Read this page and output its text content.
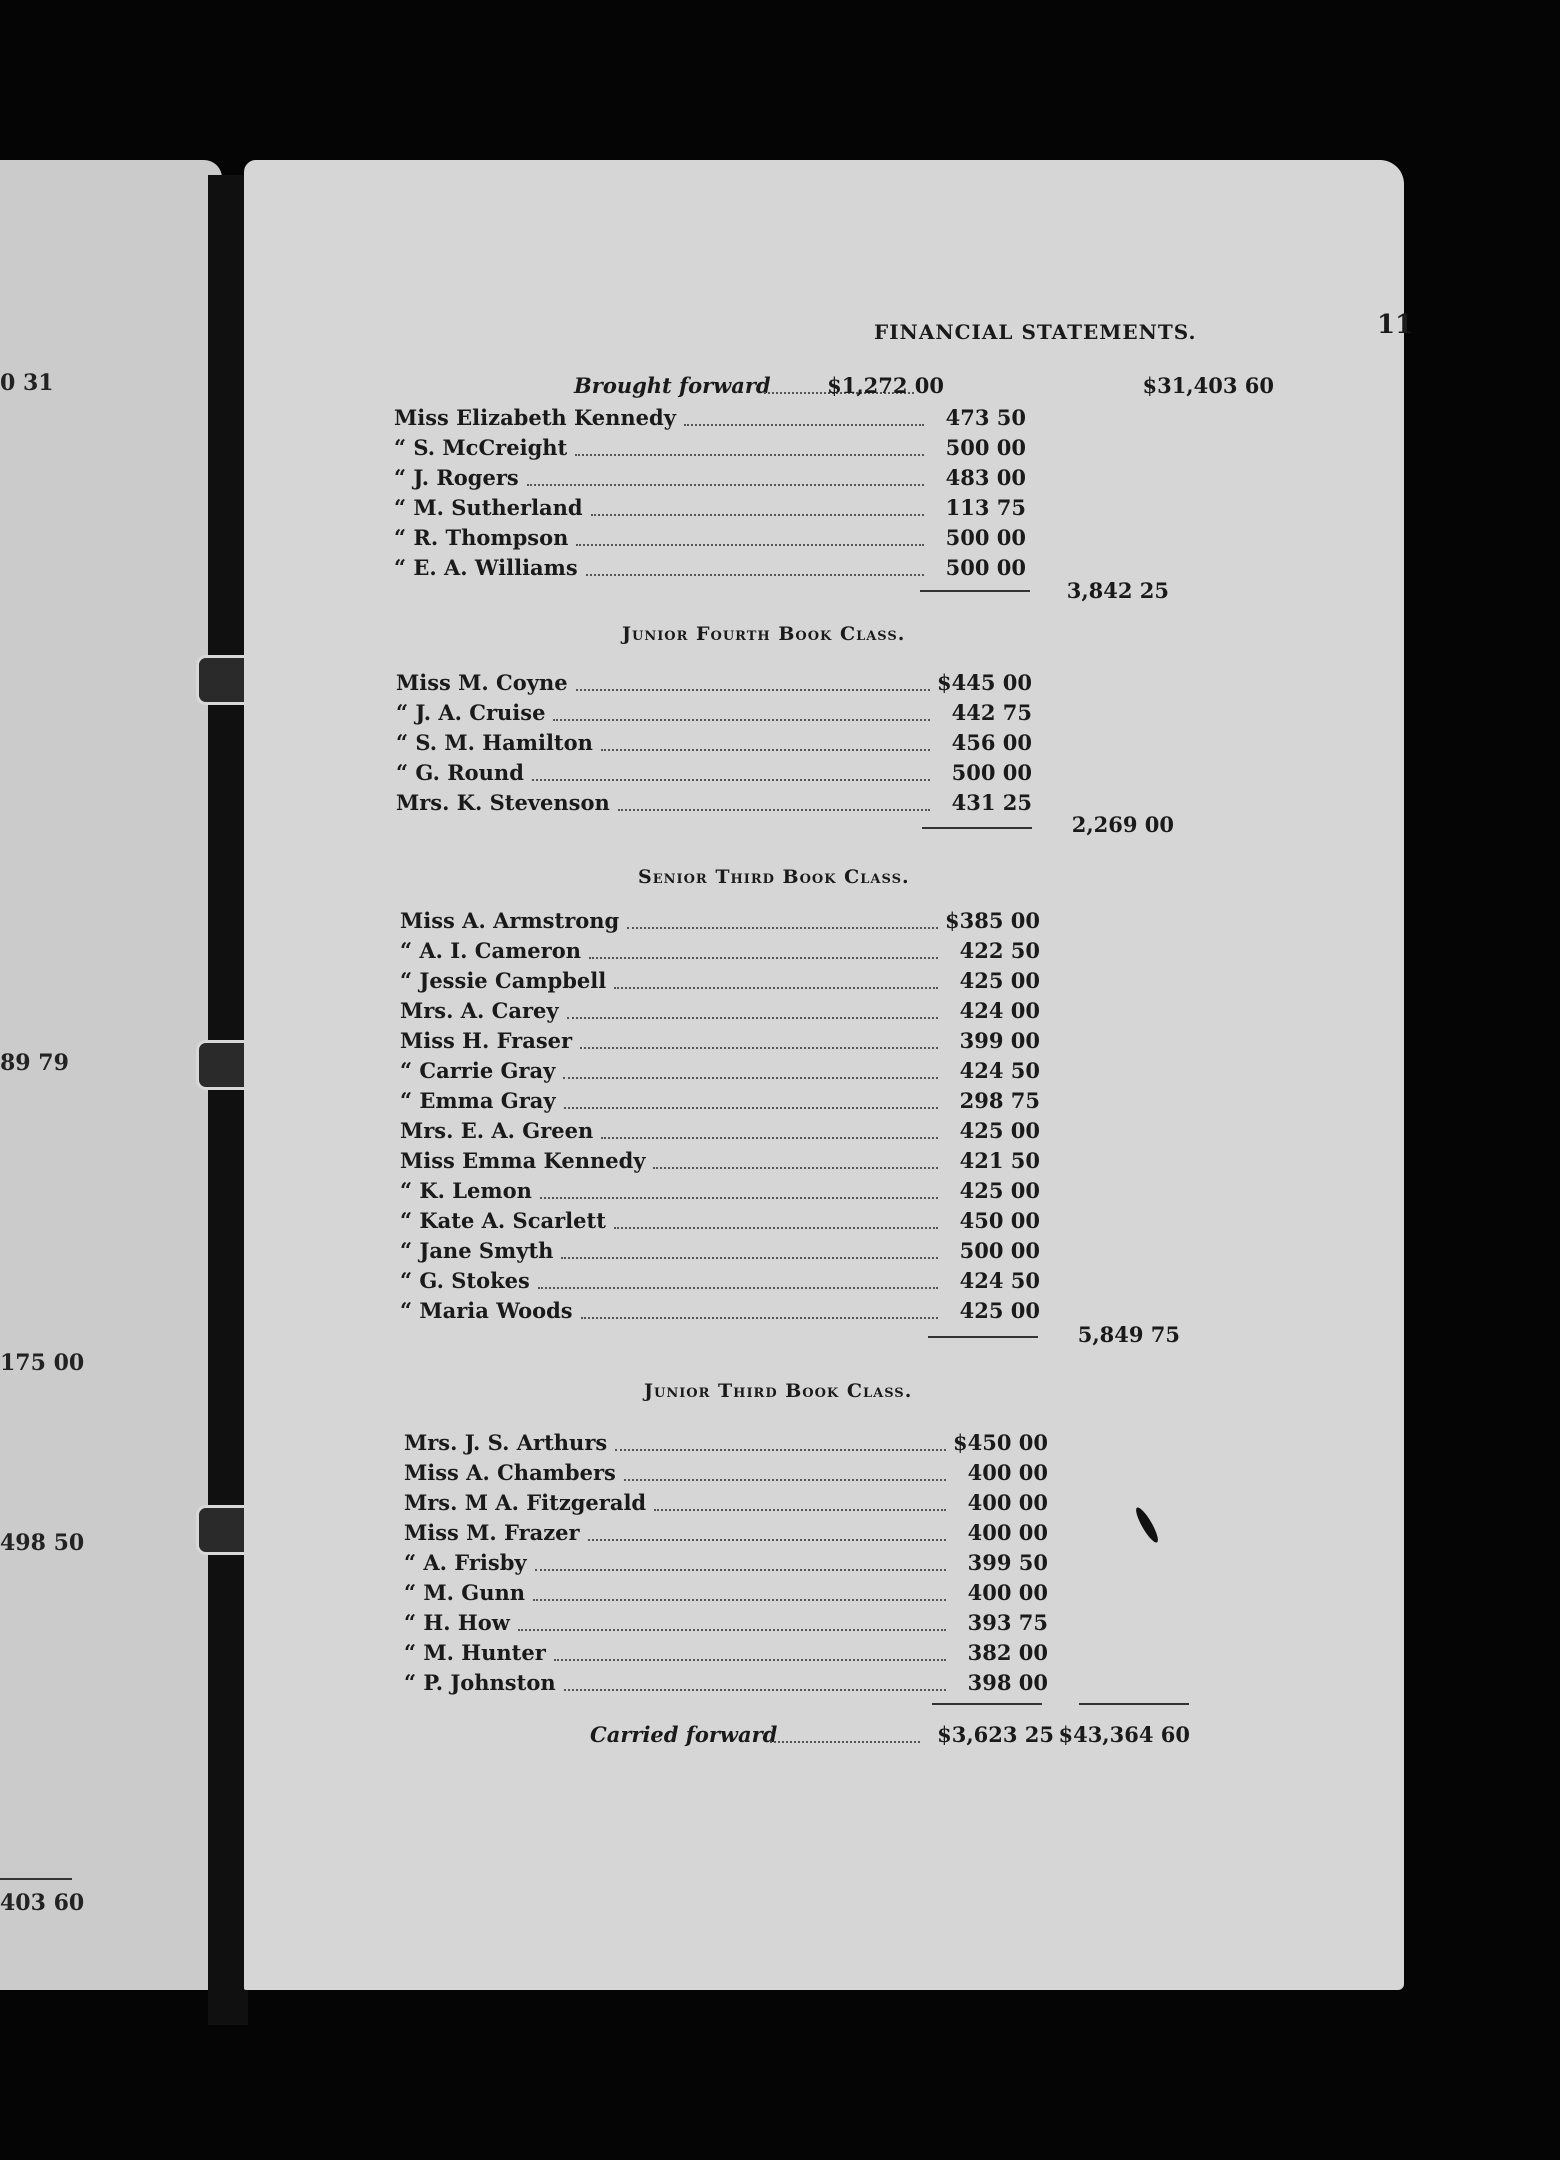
0 31
89 79
175 00
498 50
403 60
FINANCIAL STATEMENTS.	11
Brought forward	$1,272 00	$31,403 60
Miss Elizabeth Kennedy	473 50
“ S. McCreight	500 00
“ J. Rogers	483 00
“ M. Sutherland	113 75
“ R. Thompson	500 00
“ E. A. Williams	500 00
3,842 25
Junior Fourth Book Class.
Miss M. Coyne	$445 00
“ J. A. Cruise	442 75
“ S. M. Hamilton	456 00
“ G. Round	500 00
Mrs. K. Stevenson	431 25
2,269 00
Senior Third Book Class.
Miss A. Armstrong	$385 00
“ A. I. Cameron	422 50
“ Jessie Campbell	425 00
Mrs. A. Carey	424 00
Miss H. Fraser	399 00
“ Carrie Gray	424 50
“ Emma Gray	298 75
Mrs. E. A. Green	425 00
Miss Emma Kennedy	421 50
“ K. Lemon	425 00
“ Kate A. Scarlett	450 00
“ Jane Smyth	500 00
“ G. Stokes	424 50
“ Maria Woods	425 00
5,849 75
Junior Third Book Class.
Mrs. J. S. Arthurs	$450 00
Miss A. Chambers	400 00
Mrs. M A. Fitzgerald	400 00
Miss M. Frazer	400 00
“ A. Frisby	399 50
“ M. Gunn	400 00
“ H. How	393 75
“ M. Hunter	382 00
“ P. Johnston	398 00
Carried forward	$3,623 25 $43,364 60
